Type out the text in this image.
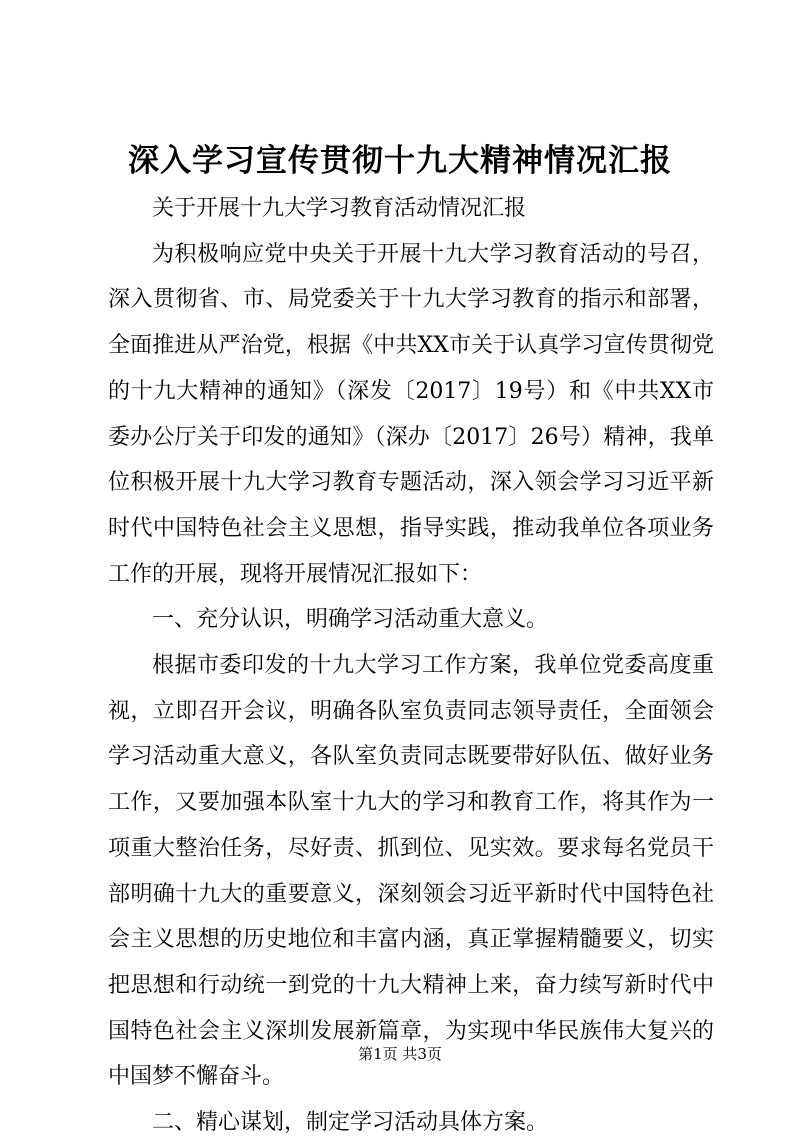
深入学习宣传贯彻十九大精神情况汇报

关于开展十九大学习教育活动情况汇报

为积极响应党中央关于开展十九大学习教育活动的号召，深入贯彻省、市、局党委关于十九大学习教育的指示和部署，全面推进从严治党，根据《中共XX市关于认真学习宣传贯彻党的十九大精神的通知》（深发〔2017〕19号）和《中共XX市委办公厅关于印发的通知》（深办〔2017〕26号）精神，我单位积极开展十九大学习教育专题活动，深入领会学习习近平新时代中国特色社会主义思想，指导实践，推动我单位各项业务工作的开展，现将开展情况汇报如下：

一、充分认识，明确学习活动重大意义。

根据市委印发的十九大学习工作方案，我单位党委高度重视，立即召开会议，明确各队室负责同志领导责任，全面领会学习活动重大意义，各队室负责同志既要带好队伍、做好业务工作，又要加强本队室十九大的学习和教育工作，将其作为一项重大整治任务，尽好责、抓到位、见实效。要求每名党员干部明确十九大的重要意义，深刻领会习近平新时代中国特色社会主义思想的历史地位和丰富内涵，真正掌握精髓要义，切实把思想和行动统一到党的十九大精神上来，奋力续写新时代中国特色社会主义深圳发展新篇章，为实现中华民族伟大复兴的中国梦不懈奋斗。

二、精心谋划，制定学习活动具体方案。

第1页 共3页
